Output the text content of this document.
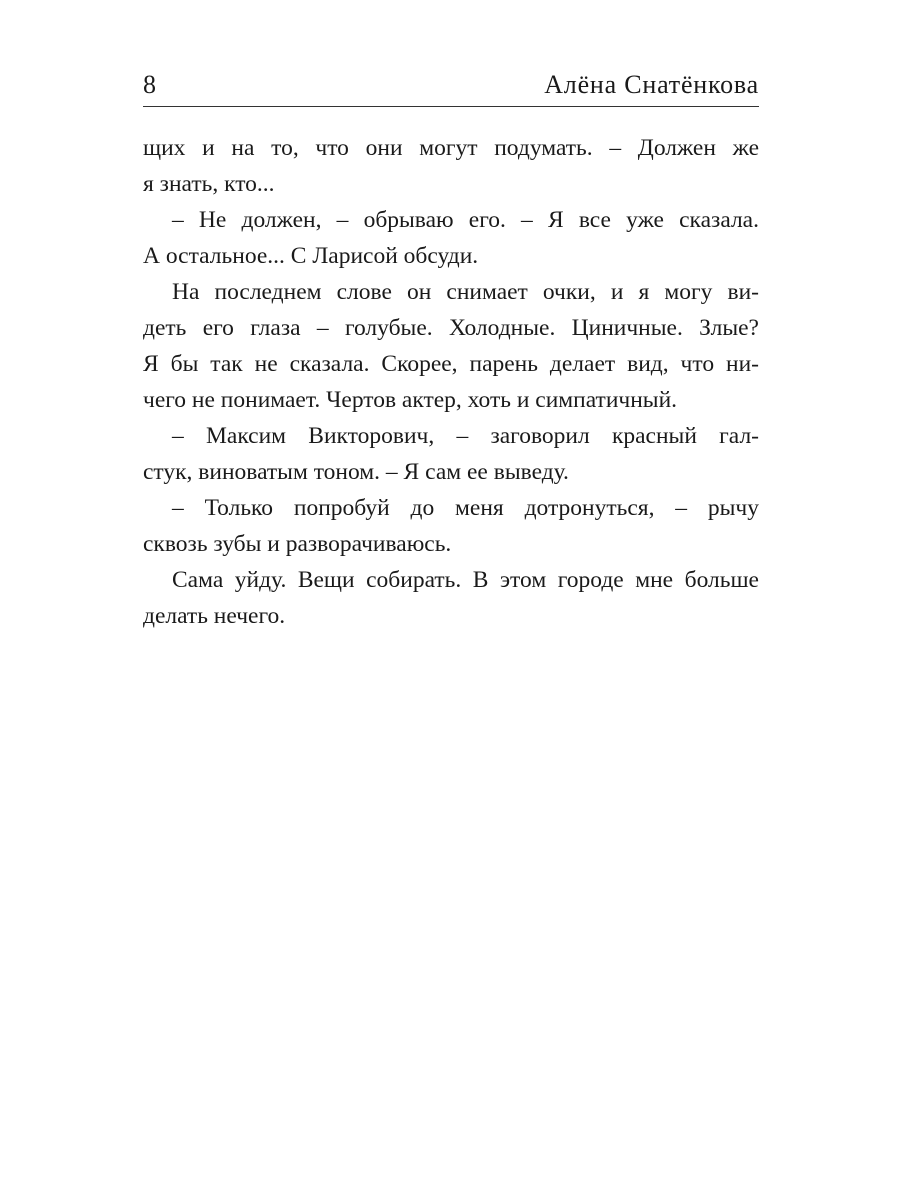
8	Алёна Снатёнкова
щих и на то, что они могут подумать. – Должен же
я знать, кто...
– Не должен, – обрываю его. – Я все уже сказала.
А остальное... С Ларисой обсуди.
На последнем слове он снимает очки, и я могу ви-
деть его глаза – голубые. Холодные. Циничные. Злые?
Я бы так не сказала. Скорее, парень делает вид, что ни-
чего не понимает. Чертов актер, хоть и симпатичный.
– Максим Викторович, – заговорил красный гал-
стук, виноватым тоном. – Я сам ее выведу.
– Только попробуй до меня дотронуться, – рычу
сквозь зубы и разворачиваюсь.
Сама уйду. Вещи собирать. В этом городе мне больше
делать нечего.
